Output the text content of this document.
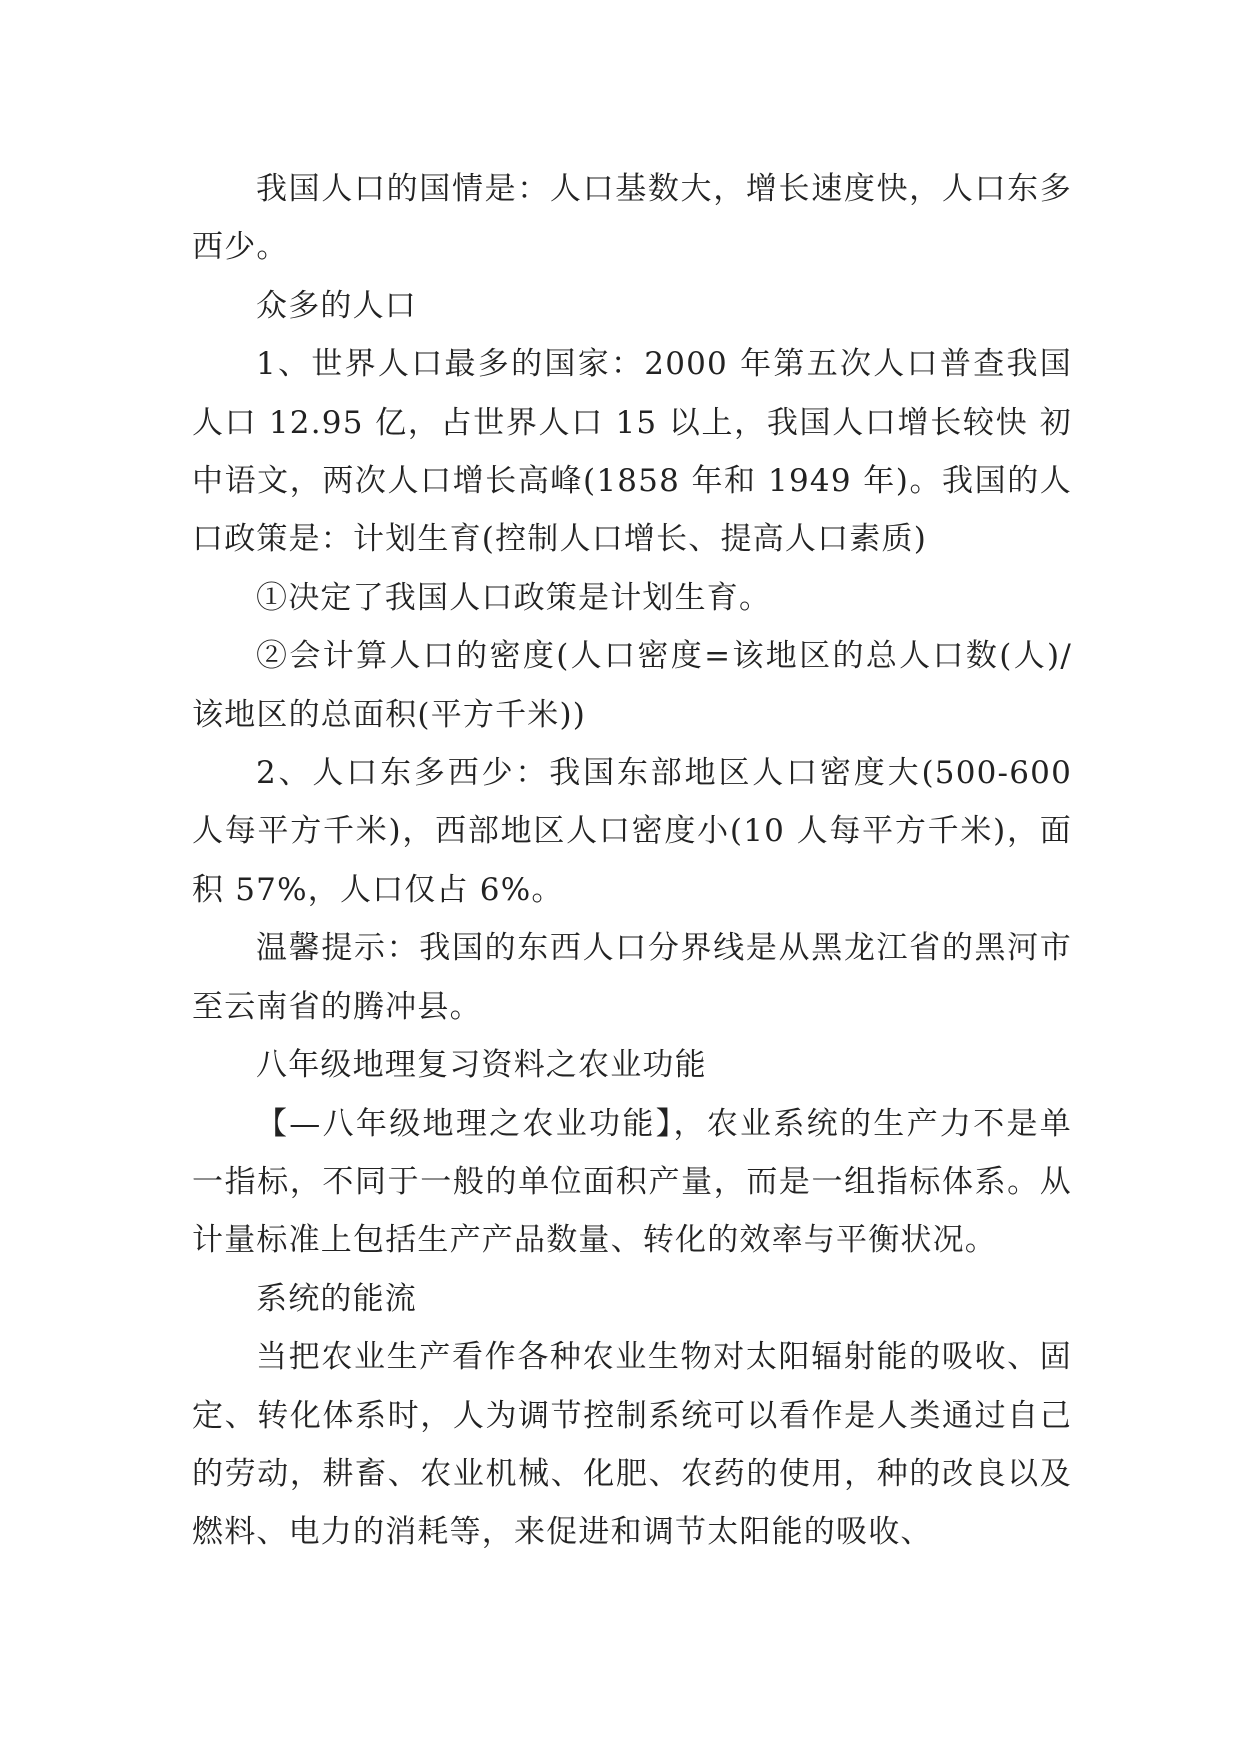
我国人口的国情是：人口基数大，增长速度快，人口东多西少。

众多的人口

1、世界人口最多的国家：2000 年第五次人口普查我国人口 12.95 亿，占世界人口 15 以上，我国人口增长较快 初中语文，两次人口增长高峰(1858 年和 1949 年)。我国的人口政策是：计划生育(控制人口增长、提高人口素质)

①决定了我国人口政策是计划生育。

②会计算人口的密度(人口密度=该地区的总人口数(人)/该地区的总面积(平方千米))

2、人口东多西少：我国东部地区人口密度大(500-600 人每平方千米)，西部地区人口密度小(10 人每平方千米)，面积 57%，人口仅占 6%。

温馨提示：我国的东西人口分界线是从黑龙江省的黑河市至云南省的腾冲县。

八年级地理复习资料之农业功能

【—八年级地理之农业功能】，农业系统的生产力不是单一指标，不同于一般的单位面积产量，而是一组指标体系。从计量标准上包括生产产品数量、转化的效率与平衡状况。

系统的能流

当把农业生产看作各种农业生物对太阳辐射能的吸收、固定、转化体系时，人为调节控制系统可以看作是人类通过自己的劳动，耕畜、农业机械、化肥、农药的使用，种的改良以及燃料、电力的消耗等，来促进和调节太阳能的吸收、
